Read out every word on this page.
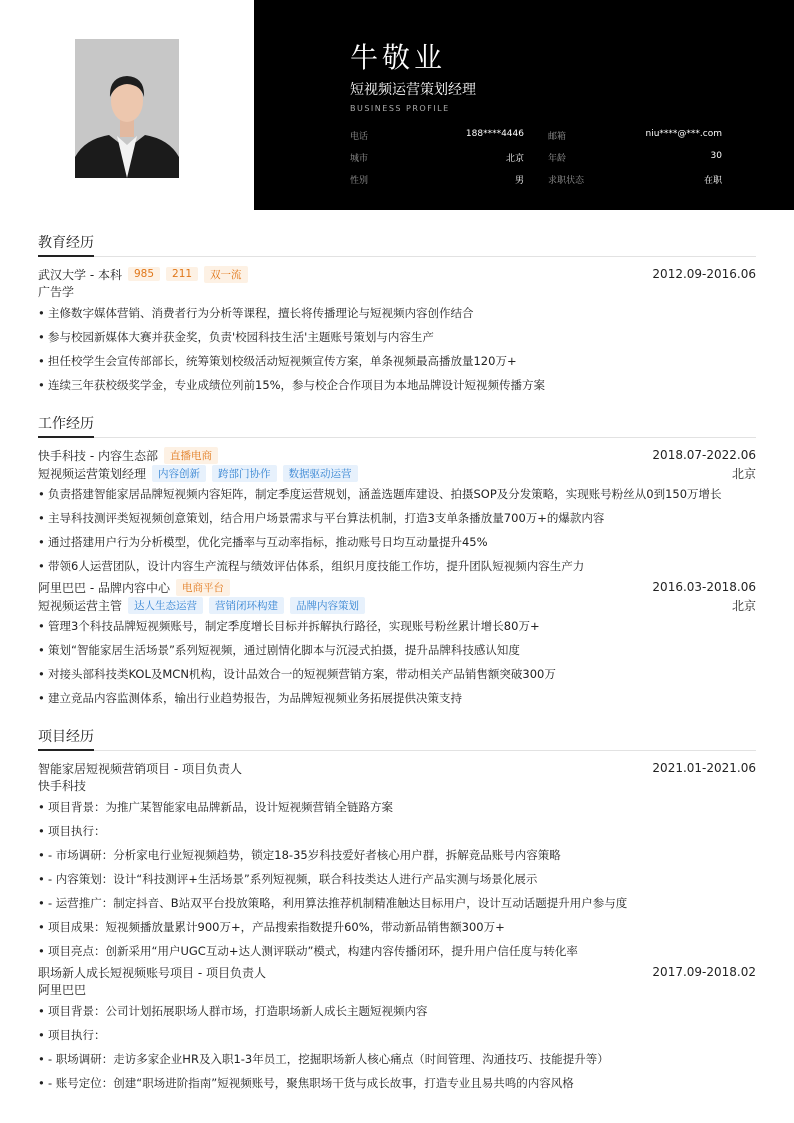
牛敬业
短视频运营策划经理
BUSINESS PROFILE
电话	188****4446	邮箱	niu****@***.com
城市	北京	年龄	30
性别	男	求职状态	在职
教育经历
武汉大学 - 本科	985	211	双一流	2012.09-2016.06
广告学
• 主修数字媒体营销、消费者行为分析等课程，擅长将传播理论与短视频内容创作结合
• 参与校园新媒体大赛并获金奖，负责'校园科技生活'主题账号策划与内容生产
• 担任校学生会宣传部部长，统筹策划校级活动短视频宣传方案，单条视频最高播放量120万+
• 连续三年获校级奖学金，专业成绩位列前15%，参与校企合作项目为本地品牌设计短视频传播方案
工作经历
快手科技 - 内容生态部	直播电商	2018.07-2022.06
短视频运营策划经理	内容创新	跨部门协作	数据驱动运营	北京
• 负责搭建智能家居品牌短视频内容矩阵，制定季度运营规划，涵盖选题库建设、拍摄SOP及分发策略，实现账号粉丝从0到150万增长
• 主导科技测评类短视频创意策划，结合用户场景需求与平台算法机制，打造3支单条播放量700万+的爆款内容
• 通过搭建用户行为分析模型，优化完播率与互动率指标，推动账号日均互动量提升45%
• 带领6人运营团队，设计内容生产流程与绩效评估体系，组织月度技能工作坊，提升团队短视频内容生产力
阿里巴巴 - 品牌内容中心	电商平台	2016.03-2018.06
短视频运营主管	达人生态运营	营销闭环构建	品牌内容策划	北京
• 管理3个科技品牌短视频账号，制定季度增长目标并拆解执行路径，实现账号粉丝累计增长80万+
• 策划“智能家居生活场景”系列短视频，通过剧情化脚本与沉浸式拍摄，提升品牌科技感认知度
• 对接头部科技类KOL及MCN机构，设计品效合一的短视频营销方案，带动相关产品销售额突破300万
• 建立竞品内容监测体系，输出行业趋势报告，为品牌短视频业务拓展提供决策支持
项目经历
智能家居短视频营销项目 - 项目负责人	2021.01-2021.06
快手科技
• 项目背景：为推广某智能家电品牌新品，设计短视频营销全链路方案
• 项目执行：
• - 市场调研：分析家电行业短视频趋势，锁定18-35岁科技爱好者核心用户群，拆解竞品账号内容策略
• - 内容策划：设计“科技测评+生活场景”系列短视频，联合科技类达人进行产品实测与场景化展示
• - 运营推广：制定抖音、B站双平台投放策略，利用算法推荐机制精准触达目标用户，设计互动话题提升用户参与度
• 项目成果：短视频播放量累计900万+，产品搜索指数提升60%，带动新品销售额300万+
• 项目亮点：创新采用“用户UGC互动+达人测评联动”模式，构建内容传播闭环，提升用户信任度与转化率
职场新人成长短视频账号项目 - 项目负责人	2017.09-2018.02
阿里巴巴
• 项目背景：公司计划拓展职场人群市场，打造职场新人成长主题短视频内容
• 项目执行：
• - 职场调研：走访多家企业HR及入职1-3年员工，挖掘职场新人核心痛点（时间管理、沟通技巧、技能提升等）
• - 账号定位：创建“职场进阶指南”短视频账号，聚焦职场干货与成长故事，打造专业且易共鸣的内容风格
